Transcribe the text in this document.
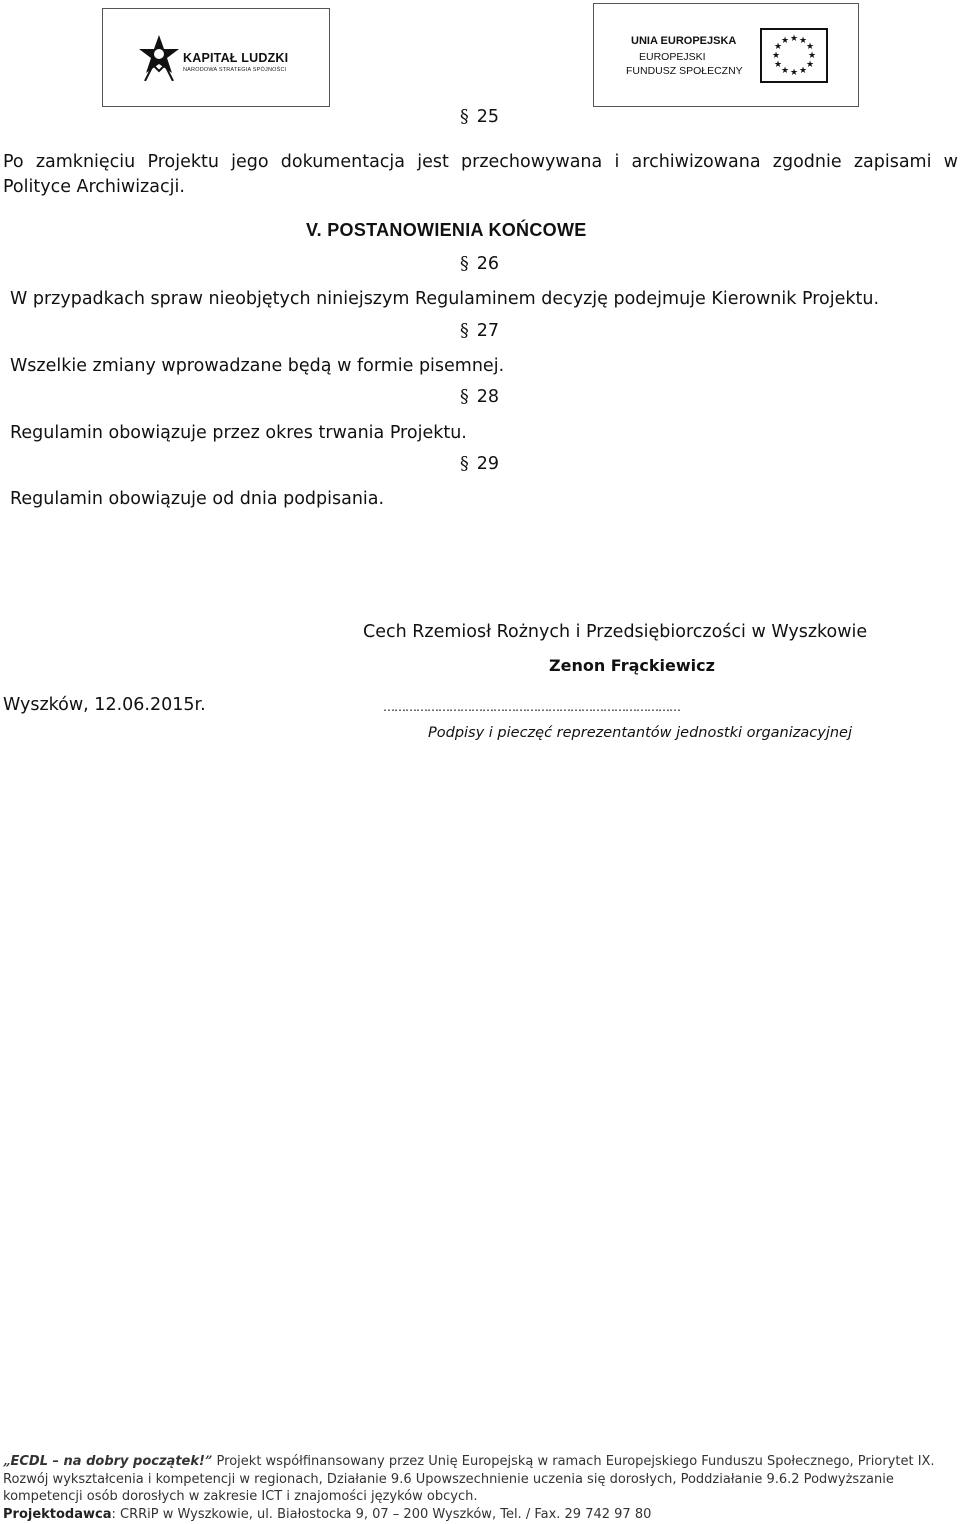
KAPITAŁ LUDZKI
NARODOWA STRATEGIA SPÓJNOŚCI
UNIA EUROPEJSKA
EUROPEJSKI
FUNDUSZ SPOŁECZNY
★ ★
★
★
★
★
★
★
★
★
★
★
§ 25
Po zamknięciu Projektu jego dokumentacja jest przechowywana i archiwizowana zgodnie zapisami w Polityce Archiwizacji.
V. POSTANOWIENIA KOŃCOWE
§ 26
W przypadkach spraw nieobjętych niniejszym Regulaminem decyzję podejmuje Kierownik Projektu.
§ 27
Wszelkie zmiany wprowadzane będą w formie pisemnej.
§ 28
Regulamin obowiązuje przez okres trwania Projektu.
§ 29
Regulamin obowiązuje od dnia podpisania.
Cech Rzemiosł Rożnych i Przedsiębiorczości w Wyszkowie
Zenon Frąckiewicz
Wyszków, 12.06.2015r.	………………………………………………………………………
Podpisy i pieczęć reprezentantów jednostki organizacyjnej
„ECDL – na dobry początek!” Projekt współfinansowany przez Unię Europejską w ramach Europejskiego Funduszu Społecznego, Priorytet IX. Rozwój wykształcenia i kompetencji w regionach, Działanie 9.6 Upowszechnienie uczenia się dorosłych, Poddziałanie 9.6.2 Podwyższanie kompetencji osób dorosłych w zakresie ICT i znajomości języków obcych.
Projektodawca: CRRiP w Wyszkowie, ul. Białostocka 9, 07 – 200 Wyszków, Tel. / Fax. 29 742 97 80
